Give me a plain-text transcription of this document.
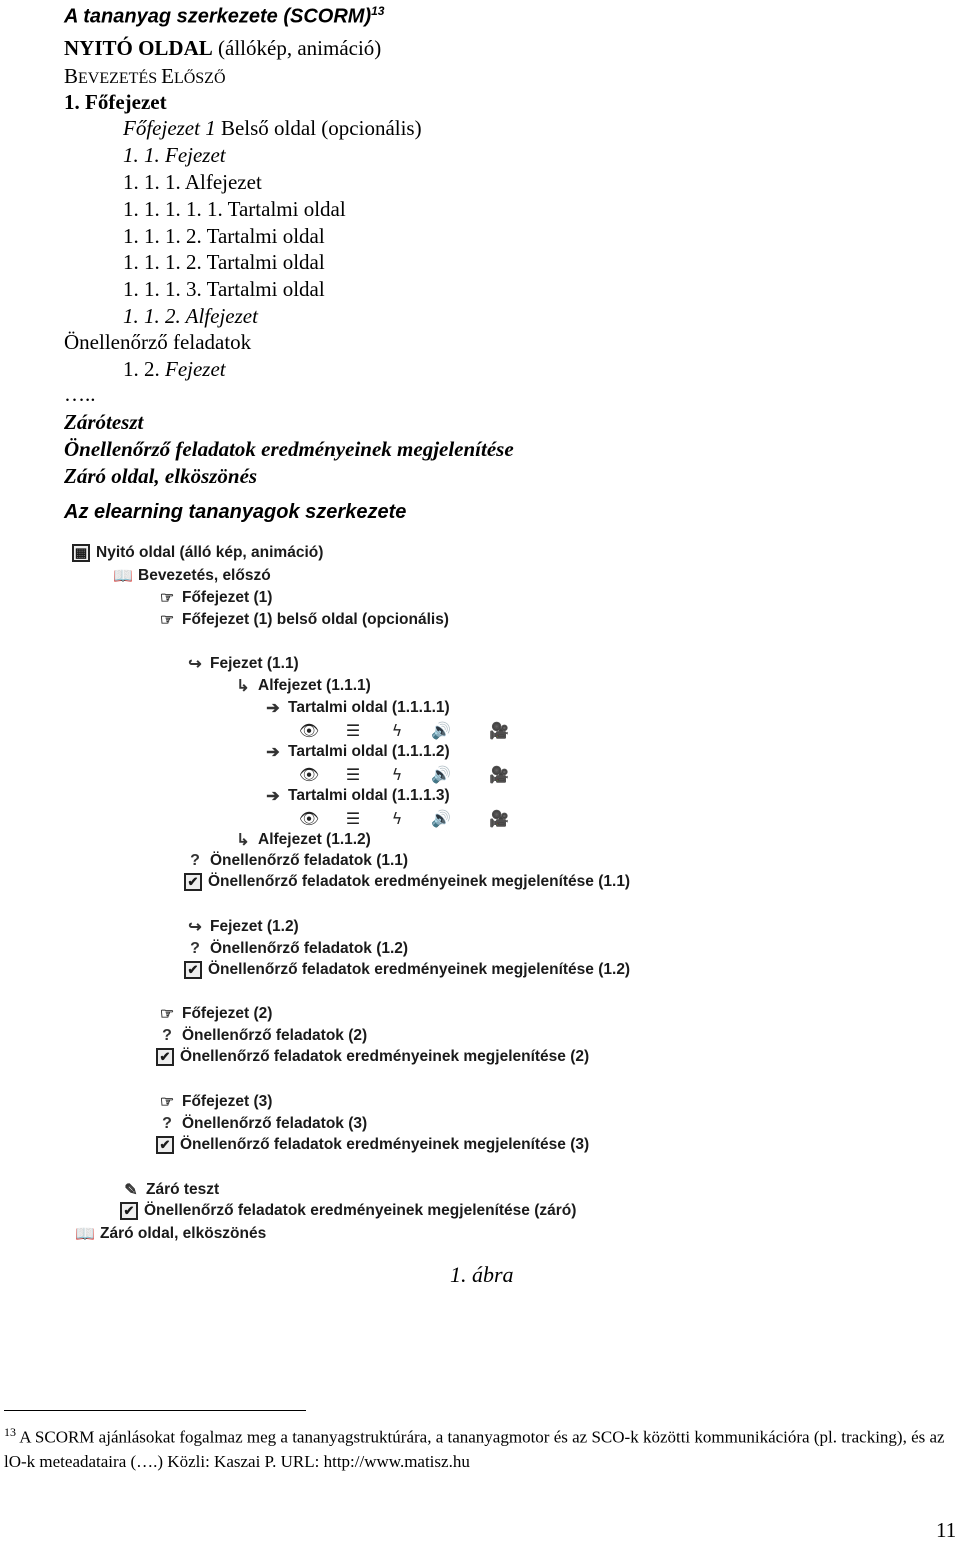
A tananyag szerkezete (SCORM)$^{13}$
NYITÓ OLDAL (állókép, animáció)
BEVEZETÉS ELŐSZŐ
1. Főfejezet
Főfejezet 1 Belső oldal (opcionális)
1. 1. Fejezet
1. 1. 1. Alfejezet
1. 1. 1. 1. 1. Tartalmi oldal
1. 1. 1. 2. Tartalmi oldal
1. 1. 1. 2. Tartalmi oldal
1. 1. 1. 3. Tartalmi oldal
1. 1. 2. Alfejezet
Önellenőrző feladatok
1. 2. Fejezet
…..
Záróteszt
Önellenőrző feladatok eredményeinek megjelenítése
Záró oldal, elköszönés
Az elearning tananyagok szerkezete
▦ Nyitó oldal (álló kép, animáció)
📖 Bevezetés, előszó
☞ Főfejezet (1)
☞ Főfejezet (1) belső oldal (opcionális)
↪ Fejezet (1.1)
↳ Alfejezet (1.1.1)
➔ Tartalmi oldal (1.1.1.1)
➔ Tartalmi oldal (1.1.1.2)
➔ Tartalmi oldal (1.1.1.3)
↳ Alfejezet (1.1.2)
? Önellenőrző feladatok (1.1)
✔ Önellenőrző feladatok eredményeinek megjelenítése (1.1)
↪ Fejezet (1.2)
? Önellenőrző feladatok (1.2)
✔ Önellenőrző feladatok eredményeinek megjelenítése (1.2)
☞ Főfejezet (2)
? Önellenőrző feladatok (2)
✔ Önellenőrző feladatok eredményeinek megjelenítése (2)
☞ Főfejezet (3)
? Önellenőrző feladatok (3)
✔ Önellenőrző feladatok eredményeinek megjelenítése (3)
✎ Záró teszt
✔ Önellenőrző feladatok eredményeinek megjelenítése (záró)
📖 Záró oldal, elköszönés
👁 ☰	ϟ	🔊 🎥
👁 ☰	ϟ	🔊 🎥
👁 ☰	ϟ	🔊 🎥
1. ábra
$^{13}$ A SCORM ajánlásokat fogalmaz meg a tananyagstruktúrára, a tananyagmotor és az SCO-k közötti kommunikációra (pl. tracking), és az lO-k meteadataira (….) Közli: Kaszai P. URL: http://www.matisz.hu
11
